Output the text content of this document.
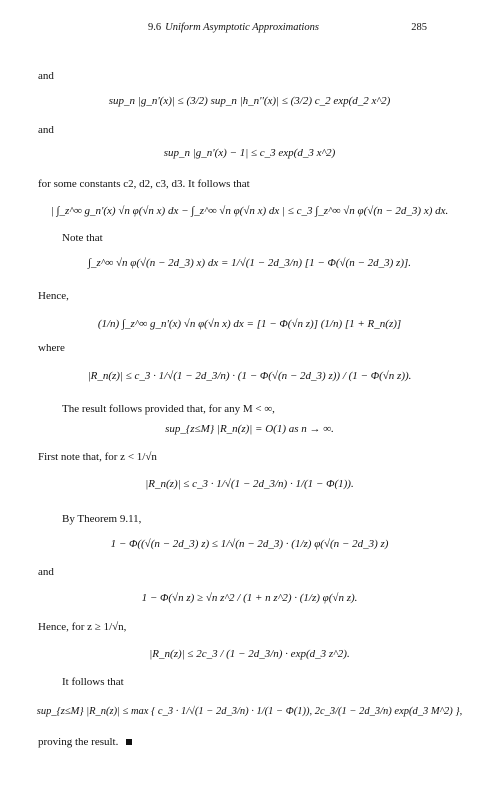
9.6 Uniform Asymptotic Approximations	285
and
sup_n |g_n'(x)| ≤ (3/2) sup_n |h_n''(x)| ≤ (3/2) c_2 exp(d_2 x^2)
and
sup_n |g_n'(x) − 1| ≤ c_3 exp(d_3 x^2)
for some constants c2, d2, c3, d3. It follows that
| ∫_z^∞ g_n'(x) √n φ(√n x) dx − ∫_z^∞ √n φ(√n x) dx | ≤ c_3 ∫_z^∞ √n φ(√(n − 2d_3) x) dx.
Note that
∫_z^∞ √n φ(√(n − 2d_3) x) dx = 1/√(1 − 2d_3/n) [1 − Φ(√(n − 2d_3) z)].
Hence,
(1/n) ∫_z^∞ g_n'(x) √n φ(√n x) dx = [1 − Φ(√n z)] (1/n) [1 + R_n(z)]
where
|R_n(z)| ≤ c_3 · 1/√(1 − 2d_3/n) · (1 − Φ(√(n − 2d_3) z)) / (1 − Φ(√n z)).
The result follows provided that, for any M < ∞,
sup_{z≤M} |R_n(z)| = O(1) as n → ∞.
First note that, for z < 1/√n
|R_n(z)| ≤ c_3 · 1/√(1 − 2d_3/n) · 1/(1 − Φ(1)).
By Theorem 9.11,
1 − Φ((√(n − 2d_3) z) ≤ 1/√(n − 2d_3) · (1/z) φ(√(n − 2d_3) z)
and
1 − Φ(√n z) ≥ √n z^2 / (1 + n z^2) · (1/z) φ(√n z).
Hence, for z ≥ 1/√n,
|R_n(z)| ≤ 2c_3 / (1 − 2d_3/n) · exp(d_3 z^2).
It follows that
sup_{z≤M} |R_n(z)| ≤ max { c_3 · 1/√(1 − 2d_3/n) · 1/(1 − Φ(1)), 2c_3/(1 − 2d_3/n) exp(d_3 M^2) },
proving the result.
